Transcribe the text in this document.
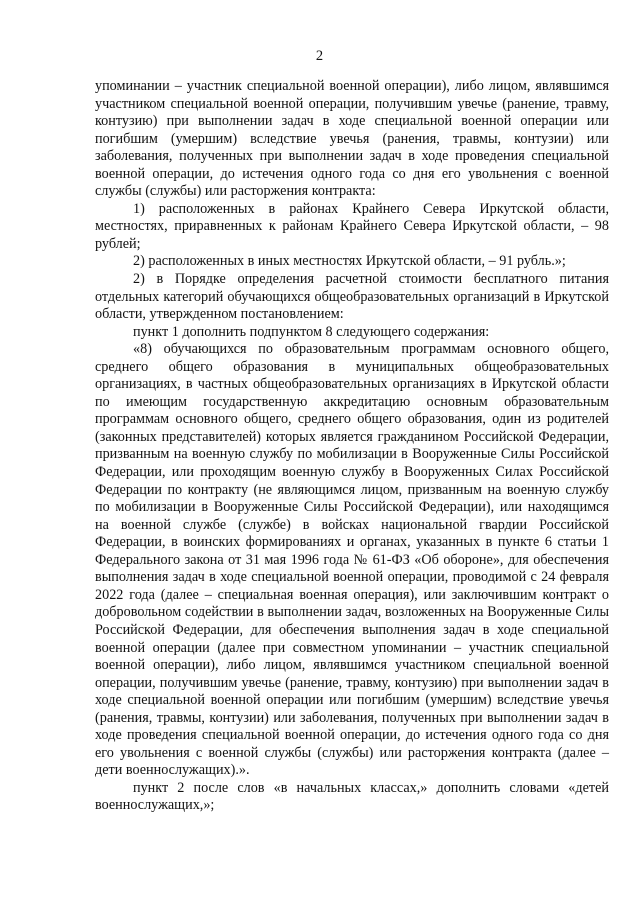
2

упоминании – участник специальной военной операции), либо лицом, являвшимся участником специальной военной операции, получившим увечье (ранение, травму, контузию) при выполнении задач в ходе специальной военной операции или погибшим (умершим) вследствие увечья (ранения, травмы, контузии) или заболевания, полученных при выполнении задач в ходе проведения специальной военной операции, до истечения одного года со дня его увольнения с военной службы (службы) или расторжения контракта:

1) расположенных в районах Крайнего Севера Иркутской области, местностях, приравненных к районам Крайнего Севера Иркутской области, – 98 рублей;

2) расположенных в иных местностях Иркутской области, – 91 рубль.»;

2) в Порядке определения расчетной стоимости бесплатного питания отдельных категорий обучающихся общеобразовательных организаций в Иркутской области, утвержденном постановлением:

пункт 1 дополнить подпунктом 8 следующего содержания:

«8) обучающихся по образовательным программам основного общего, среднего общего образования в муниципальных общеобразовательных организациях, в частных общеобразовательных организациях в Иркутской области по имеющим государственную аккредитацию основным образовательным программам основного общего, среднего общего образования, один из родителей (законных представителей) которых является гражданином Российской Федерации, призванным на военную службу по мобилизации в Вооруженные Силы Российской Федерации, или проходящим военную службу в Вооруженных Силах Российской Федерации по контракту (не являющимся лицом, призванным на военную службу по мобилизации в Вооруженные Силы Российской Федерации), или находящимся на военной службе (службе) в войсках национальной гвардии Российской Федерации, в воинских формированиях и органах, указанных в пункте 6 статьи 1 Федерального закона от 31 мая 1996 года № 61-ФЗ «Об обороне», для обеспечения выполнения задач в ходе специальной военной операции, проводимой с 24 февраля 2022 года (далее – специальная военная операция), или заключившим контракт о добровольном содействии в выполнении задач, возложенных на Вооруженные Силы Российской Федерации, для обеспечения выполнения задач в ходе специальной военной операции (далее при совместном упоминании – участник специальной военной операции), либо лицом, являвшимся участником специальной военной операции, получившим увечье (ранение, травму, контузию) при выполнении задач в ходе специальной военной операции или погибшим (умершим) вследствие увечья (ранения, травмы, контузии) или заболевания, полученных при выполнении задач в ходе проведения специальной военной операции, до истечения одного года со дня его увольнения с военной службы (службы) или расторжения контракта (далее – дети военнослужащих).».

пункт 2 после слов «в начальных классах,» дополнить словами «детей военнослужащих,»;
